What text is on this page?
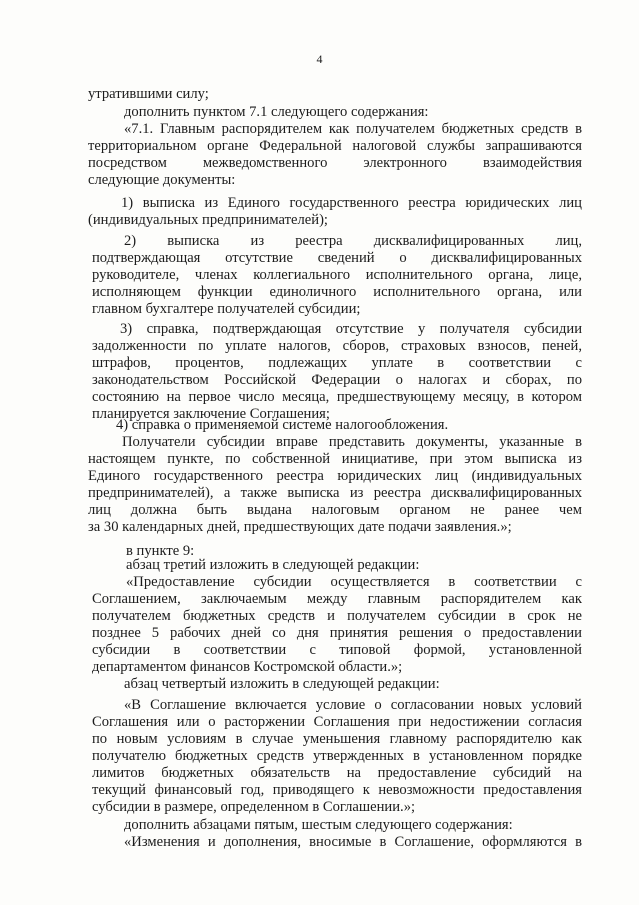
4
утратившими силу;
дополнить пунктом 7.1 следующего содержания:
«7.1. Главным распорядителем как получателем бюджетных средств в
территориальном органе Федеральной налоговой службы запрашиваются
посредством межведомственного электронного взаимодействия
следующие документы:
1) выписка из Единого государственного реестра юридических лиц
(индивидуальных предпринимателей);
2) выписка из реестра дисквалифицированных лиц,
подтверждающая отсутствие сведений о дисквалифицированных
руководителе, членах коллегиального исполнительного органа, лице,
исполняющем функции единоличного исполнительного органа, или
главном бухгалтере получателей субсидии;
3) справка, подтверждающая отсутствие у получателя субсидии
задолженности по уплате налогов, сборов, страховых взносов, пеней,
штрафов, процентов, подлежащих уплате в соответствии с
законодательством Российской Федерации о налогах и сборах, по
состоянию на первое число месяца, предшествующему месяцу, в котором
планируется заключение Соглашения;
4) справка о применяемой системе налогообложения.
Получатели субсидии вправе представить документы, указанные в
настоящем пункте, по собственной инициативе, при этом выписка из
Единого государственного реестра юридических лиц (индивидуальных
предпринимателей), а также выписка из реестра дисквалифицированных
лиц должна быть выдана налоговым органом не ранее чем
за 30 календарных дней, предшествующих дате подачи заявления.»;
в пункте 9:
абзац третий изложить в следующей редакции:
«Предоставление субсидии осуществляется в соответствии с
Соглашением, заключаемым между главным распорядителем как
получателем бюджетных средств и получателем субсидии в срок не
позднее 5 рабочих дней со дня принятия решения о предоставлении
субсидии в соответствии с типовой формой, установленной
департаментом финансов Костромской области.»;
абзац четвертый изложить в следующей редакции:
«В Соглашение включается условие о согласовании новых условий
Соглашения или о расторжении Соглашения при недостижении согласия
по новым условиям в случае уменьшения главному распорядителю как
получателю бюджетных средств утвержденных в установленном порядке
лимитов бюджетных обязательств на предоставление субсидий на
текущий финансовый год, приводящего к невозможности предоставления
субсидии в размере, определенном в Соглашении.»;
дополнить абзацами пятым, шестым следующего содержания:
«Изменения и дополнения, вносимые в Соглашение, оформляются в
